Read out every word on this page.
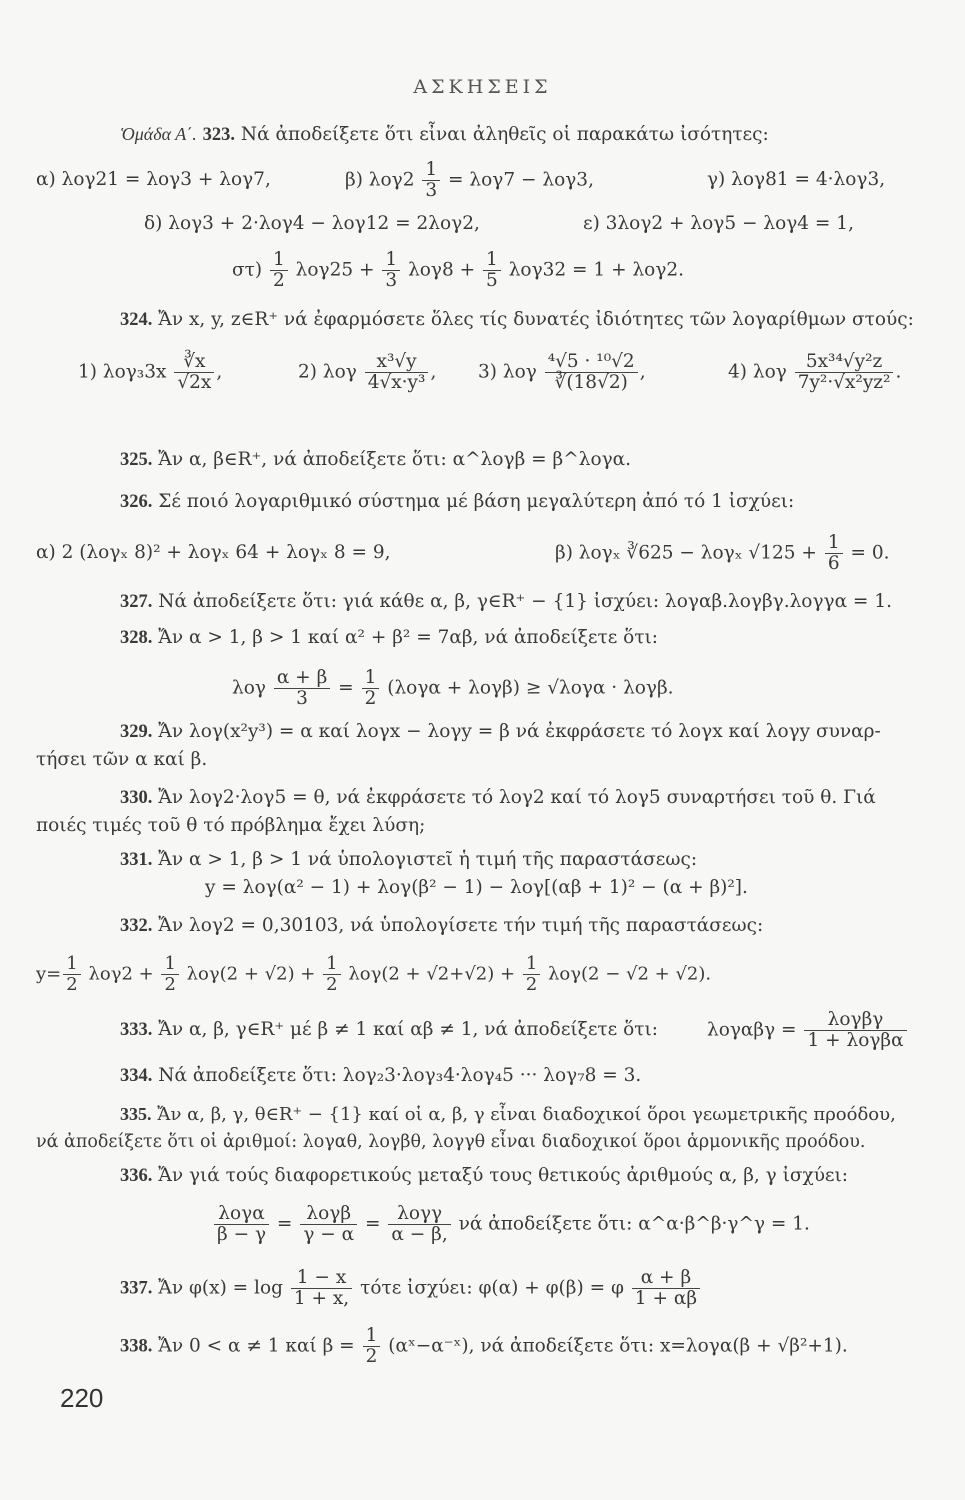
ΑΣΚΗΣΕΙΣ
Ὁμάδα Α΄. 323. Νά ἀποδείξετε ὅτι εἶναι ἀληθεῖς οἱ παρακάτω ἰσότητες:
α) λογ21 = λογ3 + λογ7,	β) $\lambda o\gamma 2 \frac{1}{3} = \lambda o\gamma 7 - \lambda o\gamma 3$,	γ) λογ81 = 4·λογ3,
δ) λογ3 + 2·λογ4 − λογ12 = 2λογ2,	ε) 3λογ2 + λογ5 − λογ4 = 1,
$\sigma\tau) \frac{1}{2} \lambda o\gamma 25 + \frac{1}{3} \lambda o\gamma 8 + \frac{1}{5} \lambda o\gamma 32 = 1 + \lambda o\gamma 2$.
324. Ἄν x, y, z∈R⁺ νά ἐφαρμόσετε ὅλες τίς δυνατές ἰδιότητες τῶν λογαρίθμων στούς:
1) $\lambda o\gamma_33x \frac{∛x}{√2x}$ ,	2) λογ $\frac{\text{x³√y}}{\text{4√x·y³}}$ , 3) λογ $\frac{\text{⁴√5 · ¹⁰√2}}{∛(18√2)}$ ,	4) λογ $\frac{\text{5x³⁴√y²z}}{\text{7y²·√x²yz²}}$ .
325. Ἄν α, β∈R⁺, νά ἀποδείξετε ὅτι: α^λογβ = β^λογα.
326. Σέ ποιό λογαριθμικό σύστημα μέ βάση μεγαλύτερη ἀπό τό 1 ἰσχύει:
α) 2 (λογₓ 8)² + λογₓ 64 + λογₓ 8 = 9,	β) λογₓ ∛625 − λογₓ $√125 + \frac{1}{6} = 0$.
327. Νά ἀποδείξετε ὅτι: γιά κάθε α, β, γ∈R⁺ − {1} ἰσχύει: λογαβ.λογβγ.λογγα = 1.
328. Ἄν α > 1, β > 1 καί α² + β² = 7αβ, νά ἀποδείξετε ὅτι:
λογ $\frac{\alpha + \beta}{3} = \frac{1}{2} (\lambda o\gamma\alpha + \lambda o\gamma\beta) \ge √\lambda o\gamma\alpha \cdot \lambda o\gamma\beta$.
329. Ἄν λογ(x²y³) = α καί λογx − λογy = β νά ἐκφράσετε τό λογx καί λογy συναρ-
τήσει τῶν α καί β.
330. Ἄν λογ2·λογ5 = θ, νά ἐκφράσετε τό λογ2 καί τό λογ5 συναρτήσει τοῦ θ. Γιά
ποιές τιμές τοῦ θ τό πρόβλημα ἔχει λύση;
331. Ἄν α > 1, β > 1 νά ὑπολογιστεῖ ἡ τιμή τῆς παραστάσεως:
y = λογ(α² − 1) + λογ(β² − 1) − λογ[(αβ + 1)² − (α + β)²].
332. Ἄν λογ2 = 0,30103, νά ὑπολογίσετε τήν τιμή τῆς παραστάσεως:
$y= \frac{1}{2} \lambda o\gamma 2 + \frac{1}{2} \lambda o\gamma(2 + √2) + \frac{1}{2} \lambda o\gamma(2 + √2+√2) + \frac{1}{2} \lambda o\gamma(2 - √2 + √2)$.
333. Ἄν α, β, γ∈R⁺ μέ β ≠ 1 καί αβ ≠ 1, νά ἀποδείξετε ὅτι:	$\lambda o\gamma\alpha\beta\gamma = \frac{\text{λογβγ}}{\text{1 + λογβα}}$
334. Νά ἀποδείξετε ὅτι: λογ₂3·λογ₃4·λογ₄5 ··· λογ₇8 = 3.
335. Ἄν α, β, γ, θ∈R⁺ − {1} καί οἱ α, β, γ εἶναι διαδοχικοί ὅροι γεωμετρικῆς προόδου,
νά ἀποδείξετε ὅτι οἱ ἀριθμοί: λογαθ, λογβθ, λογγθ εἶναι διαδοχικοί ὅροι ἁρμονικῆς προόδου.
336. Ἄν γιά τούς διαφορετικούς μεταξύ τους θετικούς ἀριθμούς α, β, γ ἰσχύει:
$\frac{\text{λογα}}{\beta - \gamma} = \frac{\text{λογβ}}{\gamma - \alpha} = \frac{\text{λογγ}}{\alpha - \beta,}$ νά ἀποδείξετε ὅτι: α^α·β^β·γ^γ = 1.
337. Ἄν $\varphi(x) = \log \frac{1 - x}{1 + x,}$ τότε ἰσχύει: φ(α) + φ(β) = φ $\frac{\alpha + \beta}{1 + \alpha\beta}$
338. Ἄν 0 < α ≠ 1 καί $\beta = \frac{1}{2}$ (αˣ−α⁻ˣ), νά ἀποδείξετε ὅτι: x=λογα(β + √β²+1).
220
